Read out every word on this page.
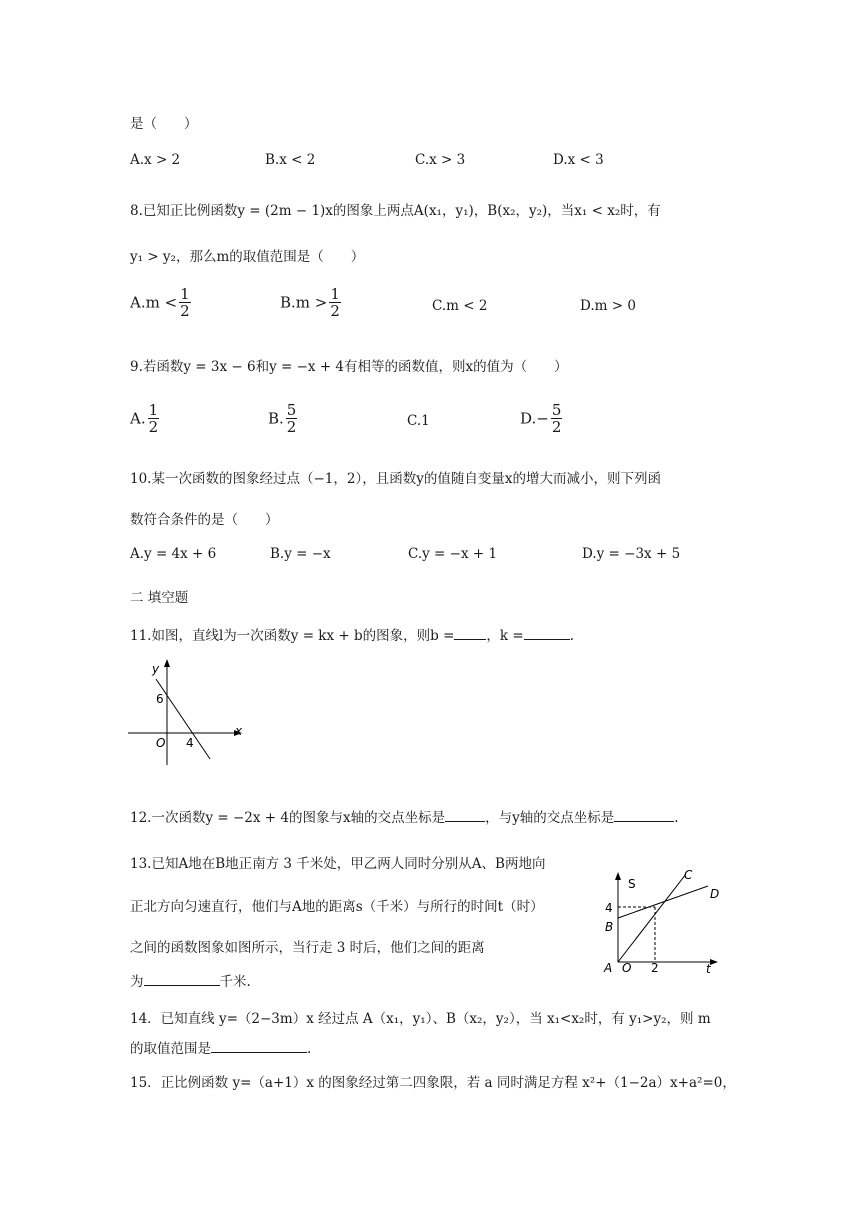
是（　　）
A.x > 2	B.x < 2	C.x > 3	D.x < 3
8.已知正比例函数y = (2m − 1)x的图象上两点A(x₁，y₁)，B(x₂，y₂)，当x₁ < x₂时，有
y₁ > y₂，那么m的取值范围是（　　）
$A.m < \frac{1}{2}$	$B.m > \frac{1}{2}$	C.m < 2	D.m > 0
9.若函数y = 3x − 6和y = −x + 4有相等的函数值，则x的值为（　　）
A. $\frac{1}{2}$	B. $\frac{5}{2}$	C.1	$D.- \frac{5}{2}$
10.某一次函数的图象经过点（−1，2），且函数y的值随自变量x的增大而减小，则下列函
数符合条件的是（　　）
A.y = 4x + 6	B.y = −x	C.y = −x + 1	D.y = −3x + 5
二 填空题
11.如图，直线l为一次函数y = kx + b的图象，则b = ，k =	.
y
x
6
O 4
12.一次函数y = −2x + 4的图象与x轴的交点坐标是	，与y轴的交点坐标是	.
13.已知A地在B地正南方 3 千米处，甲乙两人同时分别从A、B两地向
正北方向匀速直行，他们与A地的距离s（千米）与所行的时间t（时）
之间的函数图象如图所示，当行走 3 时后，他们之间的距离
为	千米.
S
C
D
4
B
A O 2	t
14．已知直线 y=（2−3m）x 经过点 A（x₁，y₁）、B（x₂，y₂），当 x₁<x₂时，有 y₁>y₂，则 m
的取值范围是	.
15．正比例函数 y=（a+1）x 的图象经过第二四象限，若 a 同时满足方程 x²+（1−2a）x+a²=0，
